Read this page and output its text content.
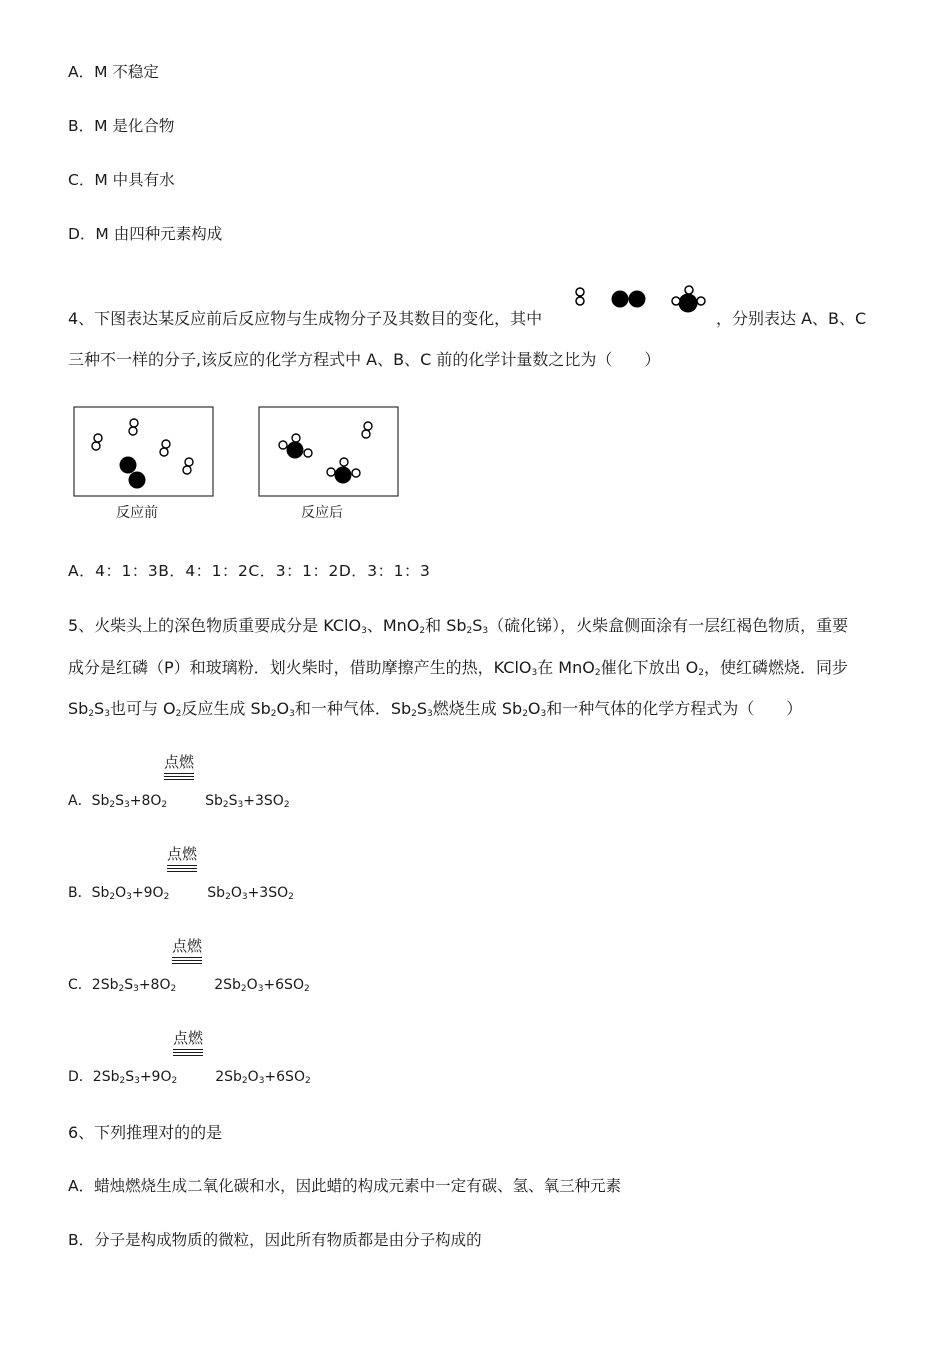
A．M 不稳定
B．M 是化合物
C．M 中具有水
D．M 由四种元素构成
4、下图表达某反应前后反应物与生成物分子及其数目的变化，其中	，分别表达 A、B、C
三种不一样的分子,该反应的化学方程式中 A、B、C 前的化学计量数之比为（　　）
反应前	反应后
A．4：1：3B．4：1：2C．3：1：2D．3：1：3
5、火柴头上的深色物质重要成分是 KClO$_3$、MnO$_2$和 $Sb_2S_3$（硫化锑），火柴盒侧面涂有一层红褐色物质，重要
成分是红磷（P）和玻璃粉．划火柴时，借助摩擦产生的热，KClO$_3$在 MnO$_2$催化下放出 $O_2$，使红磷燃烧．同步
$Sb_2S_3$也可与 $O_2$反应生成 $Sb_2O_3$和一种气体．$Sb_2S_3$燃烧生成 $Sb_2O_3$和一种气体的化学方程式为（　　）
点燃
A．$Sb_2S_3+8O_2$	$Sb_2S_3+3SO_2$
点燃
B．$Sb_2O_3+9O_2$	$Sb_2O_3+3SO_2$
点燃
C．$2Sb_2S_3+8O_2$	$2Sb_2O_3+6SO_2$
点燃
D．$2Sb_2S_3+9O_2$	$2Sb_2O_3+6SO_2$
6、下列推理对的的是
A．蜡烛燃烧生成二氧化碳和水，因此蜡的构成元素中一定有碳、氢、氧三种元素
B．分子是构成物质的微粒，因此所有物质都是由分子构成的
